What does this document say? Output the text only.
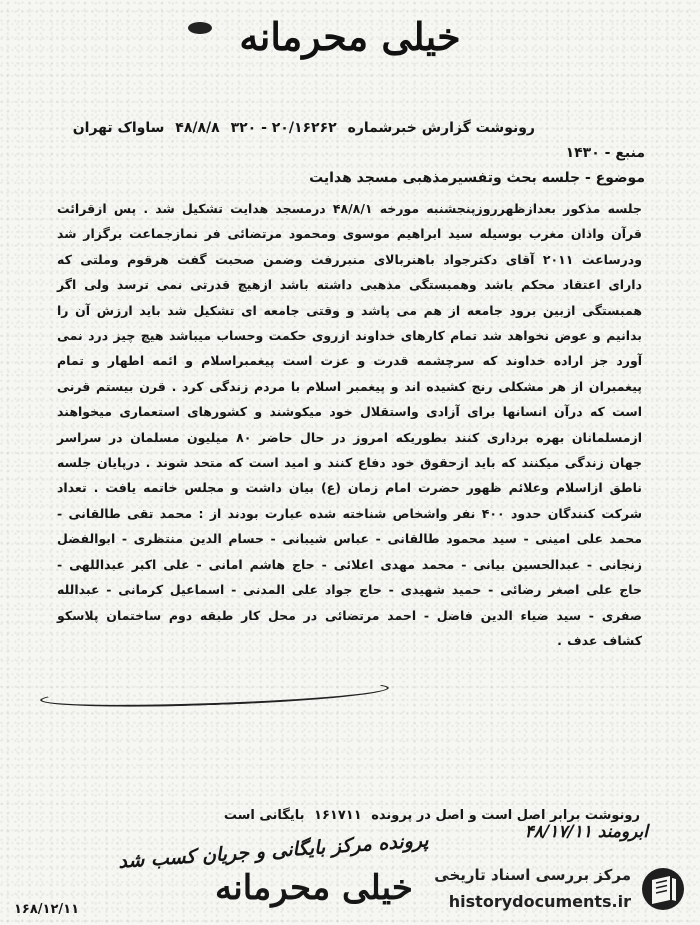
خیلی محرمانه
رونوشت گزارش خبرشماره ۲۰/۱۶۲۶۲ - ۳۲۰ ۴۸/۸/۸ ساواک تهران
منبع - ۱۴۳۰
موضوع - جلسه بحث وتفسیرمذهبی مسجد هدایت
جلسه مذکور بعدازظهرروزپنجشنبه مورخه ۴۸/۸/۱ درمسجد هدایت تشکیل شد . پس ازقرائت قرآن واذان مغرب بوسیله سید ابراهیم موسوی ومحمود مرتضائی فر نمازجماعت برگزار شد ودرساعت ۲۰۱۱ آقای دکترجواد باهنربالای منبررفت وضمن صحبت گفت هرقوم وملتی که دارای اعتقاد محکم باشد وهمبستگی مذهبی داشته باشد ازهیچ قدرتی نمی ترسد ولی اگر همبستگی ازبین برود جامعه از هم می پاشد و وقتی جامعه ای تشکیل شد باید ارزش آن را بدانیم و عوض نخواهد شد تمام کارهای خداوند ازروی حکمت وحساب میباشد هیچ چیز درد نمی آورد جز اراده خداوند که سرچشمه قدرت و عزت است پیغمبراسلام و ائمه اطهار و تمام پیغمبران از هر مشکلی رنج کشیده اند و پیغمبر اسلام با مردم زندگی کرد . قرن بیستم قرنی است که درآن انسانها برای آزادی واستقلال خود میکوشند و کشورهای استعماری میخواهند ازمسلمانان بهره برداری کنند بطوریکه امروز در حال حاضر ۸۰ میلیون مسلمان در سراسر جهان زندگی میکنند که باید ازحقوق خود دفاع کنند و امید است که متحد شوند . درپایان جلسه ناطق ازاسلام وعلائم ظهور حضرت امام زمان (ع) بیان داشت و مجلس خاتمه یافت . تعداد شرکت کنندگان حدود ۴۰۰ نفر واشخاص شناخته شده عبارت بودند از : محمد تقی طالقانی - محمد علی امینی - سید محمود طالقانی - عباس شیبانی - حسام الدین منتظری - ابوالفضل زنجانی - عبدالحسین بیانی - محمد مهدی اعلائی - حاج هاشم امانی - علی اکبر عبداللهی - حاج علی اصغر رضائی - حمید شهیدی - حاج جواد علی المدنی - اسماعیل کرمانی - عبدالله صفری - سید ضیاء الدین فاضل - احمد مرتضائی در محل کار طبقه دوم ساختمان پلاسکو کشاف عدف .
رونوشت برابر اصل است و اصل در پرونده ۱۶۱۷۱۱ بایگانی است
ابرومند ۴۸/۱۷/۱۱
پرونده مرکز بایگانی و جریان کسب شد
خیلی محرمانه
۱۶۸/۱۲/۱۱
مرکز بررسی اسناد تاریخی
historydocuments.ir
